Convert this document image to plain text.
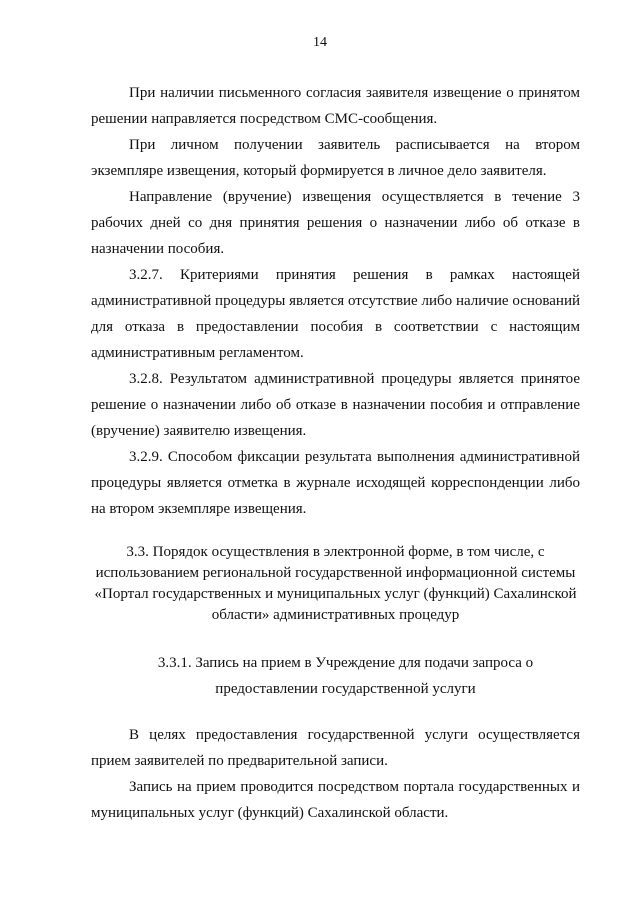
14

При наличии письменного согласия заявителя извещение о принятом решении направляется посредством СМС-сообщения.

При личном получении заявитель расписывается на втором экземпляре извещения, который формируется в личное дело заявителя.

Направление (вручение) извещения осуществляется в течение 3 рабочих дней со дня принятия решения о назначении либо об отказе в назначении пособия.

3.2.7. Критериями принятия решения в рамках настоящей административной процедуры является отсутствие либо наличие оснований для отказа в предоставлении пособия в соответствии с настоящим административным регламентом.

3.2.8. Результатом административной процедуры является принятое решение о назначении либо об отказе в назначении пособия и отправление (вручение) заявителю извещения.

3.2.9. Способом фиксации результата выполнения административной процедуры является отметка в журнале исходящей корреспонденции либо на втором экземпляре извещения.

3.3. Порядок осуществления в электронной форме, в том числе, с использованием региональной государственной информационной системы «Портал государственных и муниципальных услуг (функций) Сахалинской области» административных процедур

3.3.1. Запись на прием в Учреждение для подачи запроса о предоставлении государственной услуги

В целях предоставления государственной услуги осуществляется прием заявителей по предварительной записи.

Запись на прием проводится посредством портала государственных и муниципальных услуг (функций) Сахалинской области.
